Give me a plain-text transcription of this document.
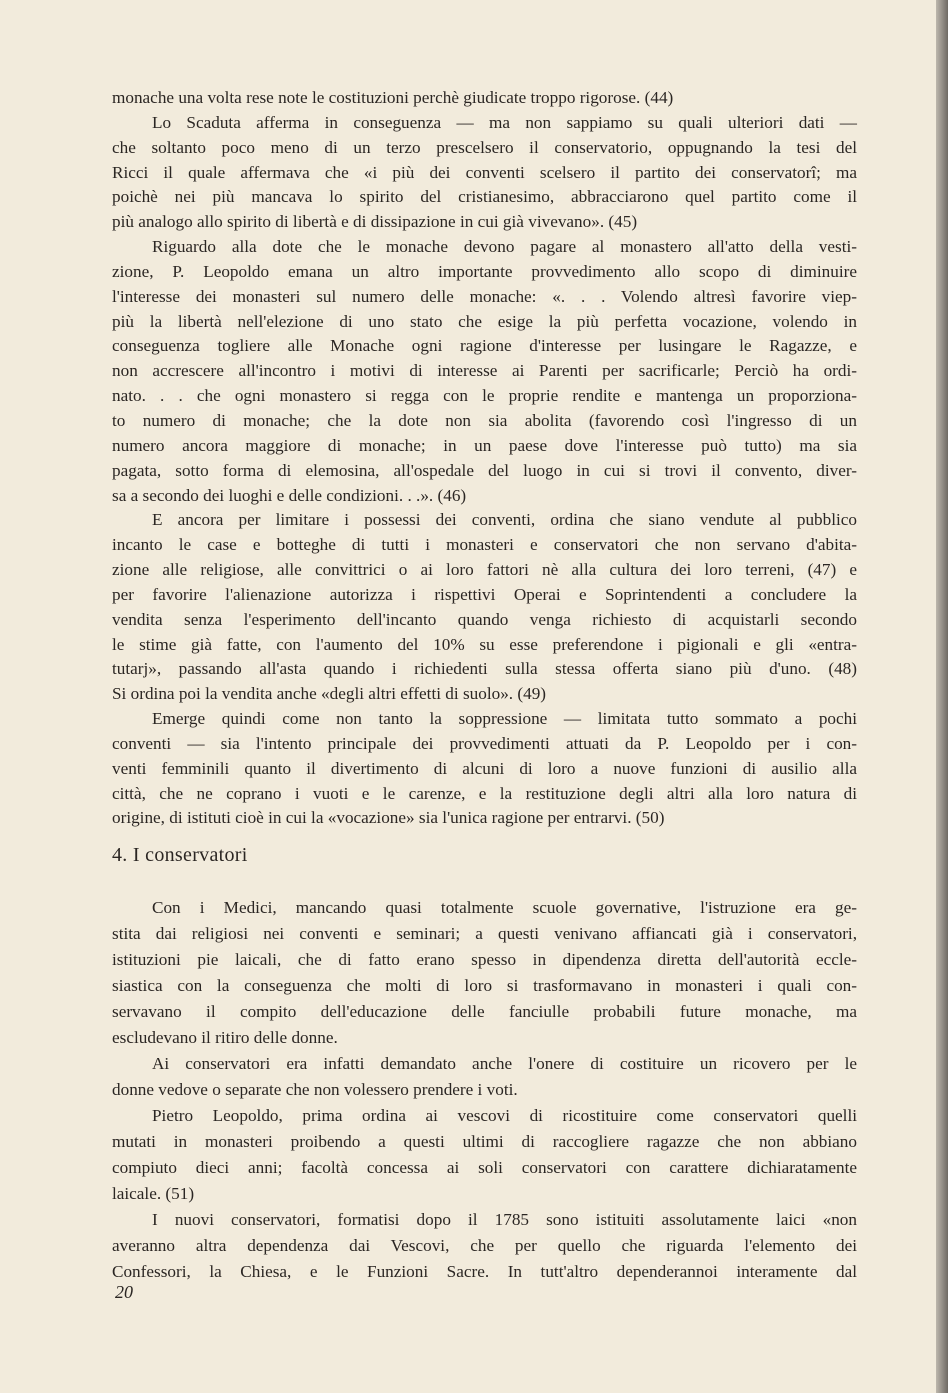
monache una volta rese note le costituzioni perchè giudicate troppo rigorose. (44)
Lo Scaduta afferma in conseguenza — ma non sappiamo su quali ulteriori dati —
che soltanto poco meno di un terzo prescelsero il conservatorio, oppugnando la tesi del
Ricci il quale affermava che «i più dei conventi scelsero il partito dei conservatorî; ma
poichè nei più mancava lo spirito del cristianesimo, abbracciarono quel partito come il
più analogo allo spirito di libertà e di dissipazione in cui già vivevano». (45)
Riguardo alla dote che le monache devono pagare al monastero all'atto della vesti-
zione, P. Leopoldo emana un altro importante provvedimento allo scopo di diminuire
l'interesse dei monasteri sul numero delle monache: «. . . Volendo altresì favorire viep-
più la libertà nell'elezione di uno stato che esige la più perfetta vocazione, volendo in
conseguenza togliere alle Monache ogni ragione d'interesse per lusingare le Ragazze, e
non accrescere all'incontro i motivi di interesse ai Parenti per sacrificarle; Perciò ha ordi-
nato. . . che ogni monastero si regga con le proprie rendite e mantenga un proporziona-
to numero di monache; che la dote non sia abolita (favorendo così l'ingresso di un
numero ancora maggiore di monache; in un paese dove l'interesse può tutto) ma sia
pagata, sotto forma di elemosina, all'ospedale del luogo in cui si trovi il convento, diver-
sa a secondo dei luoghi e delle condizioni. . .». (46)
E ancora per limitare i possessi dei conventi, ordina che siano vendute al pubblico
incanto le case e botteghe di tutti i monasteri e conservatori che non servano d'abita-
zione alle religiose, alle convittrici o ai loro fattori nè alla cultura dei loro terreni, (47) e
per favorire l'alienazione autorizza i rispettivi Operai e Soprintendenti a concludere la
vendita senza l'esperimento dell'incanto quando venga richiesto di acquistarli secondo
le stime già fatte, con l'aumento del 10% su esse preferendone i pigionali e gli «entra-
tutarj», passando all'asta quando i richiedenti sulla stessa offerta siano più d'uno. (48)
Si ordina poi la vendita anche «degli altri effetti di suolo». (49)
Emerge quindi come non tanto la soppressione — limitata tutto sommato a pochi
conventi — sia l'intento principale dei provvedimenti attuati da P. Leopoldo per i con-
venti femminili quanto il divertimento di alcuni di loro a nuove funzioni di ausilio alla
città, che ne coprano i vuoti e le carenze, e la restituzione degli altri alla loro natura di
origine, di istituti cioè in cui la «vocazione» sia l'unica ragione per entrarvi. (50)
4. I conservatori
Con i Medici, mancando quasi totalmente scuole governative, l'istruzione era ge-
stita dai religiosi nei conventi e seminari; a questi venivano affiancati già i conservatori,
istituzioni pie laicali, che di fatto erano spesso in dipendenza diretta dell'autorità eccle-
siastica con la conseguenza che molti di loro si trasformavano in monasteri i quali con-
servavano il compito dell'educazione delle fanciulle probabili future monache, ma
escludevano il ritiro delle donne.
Ai conservatori era infatti demandato anche l'onere di costituire un ricovero per le
donne vedove o separate che non volessero prendere i voti.
Pietro Leopoldo, prima ordina ai vescovi di ricostituire come conservatori quelli
mutati in monasteri proibendo a questi ultimi di raccogliere ragazze che non abbiano
compiuto dieci anni; facoltà concessa ai soli conservatori con carattere dichiaratamente
laicale. (51)
I nuovi conservatori, formatisi dopo il 1785 sono istituiti assolutamente laici «non
averanno altra dependenza dai Vescovi, che per quello che riguarda l'elemento dei
Confessori, la Chiesa, e le Funzioni Sacre. In tutt'altro dependerannoi interamente dal
20
